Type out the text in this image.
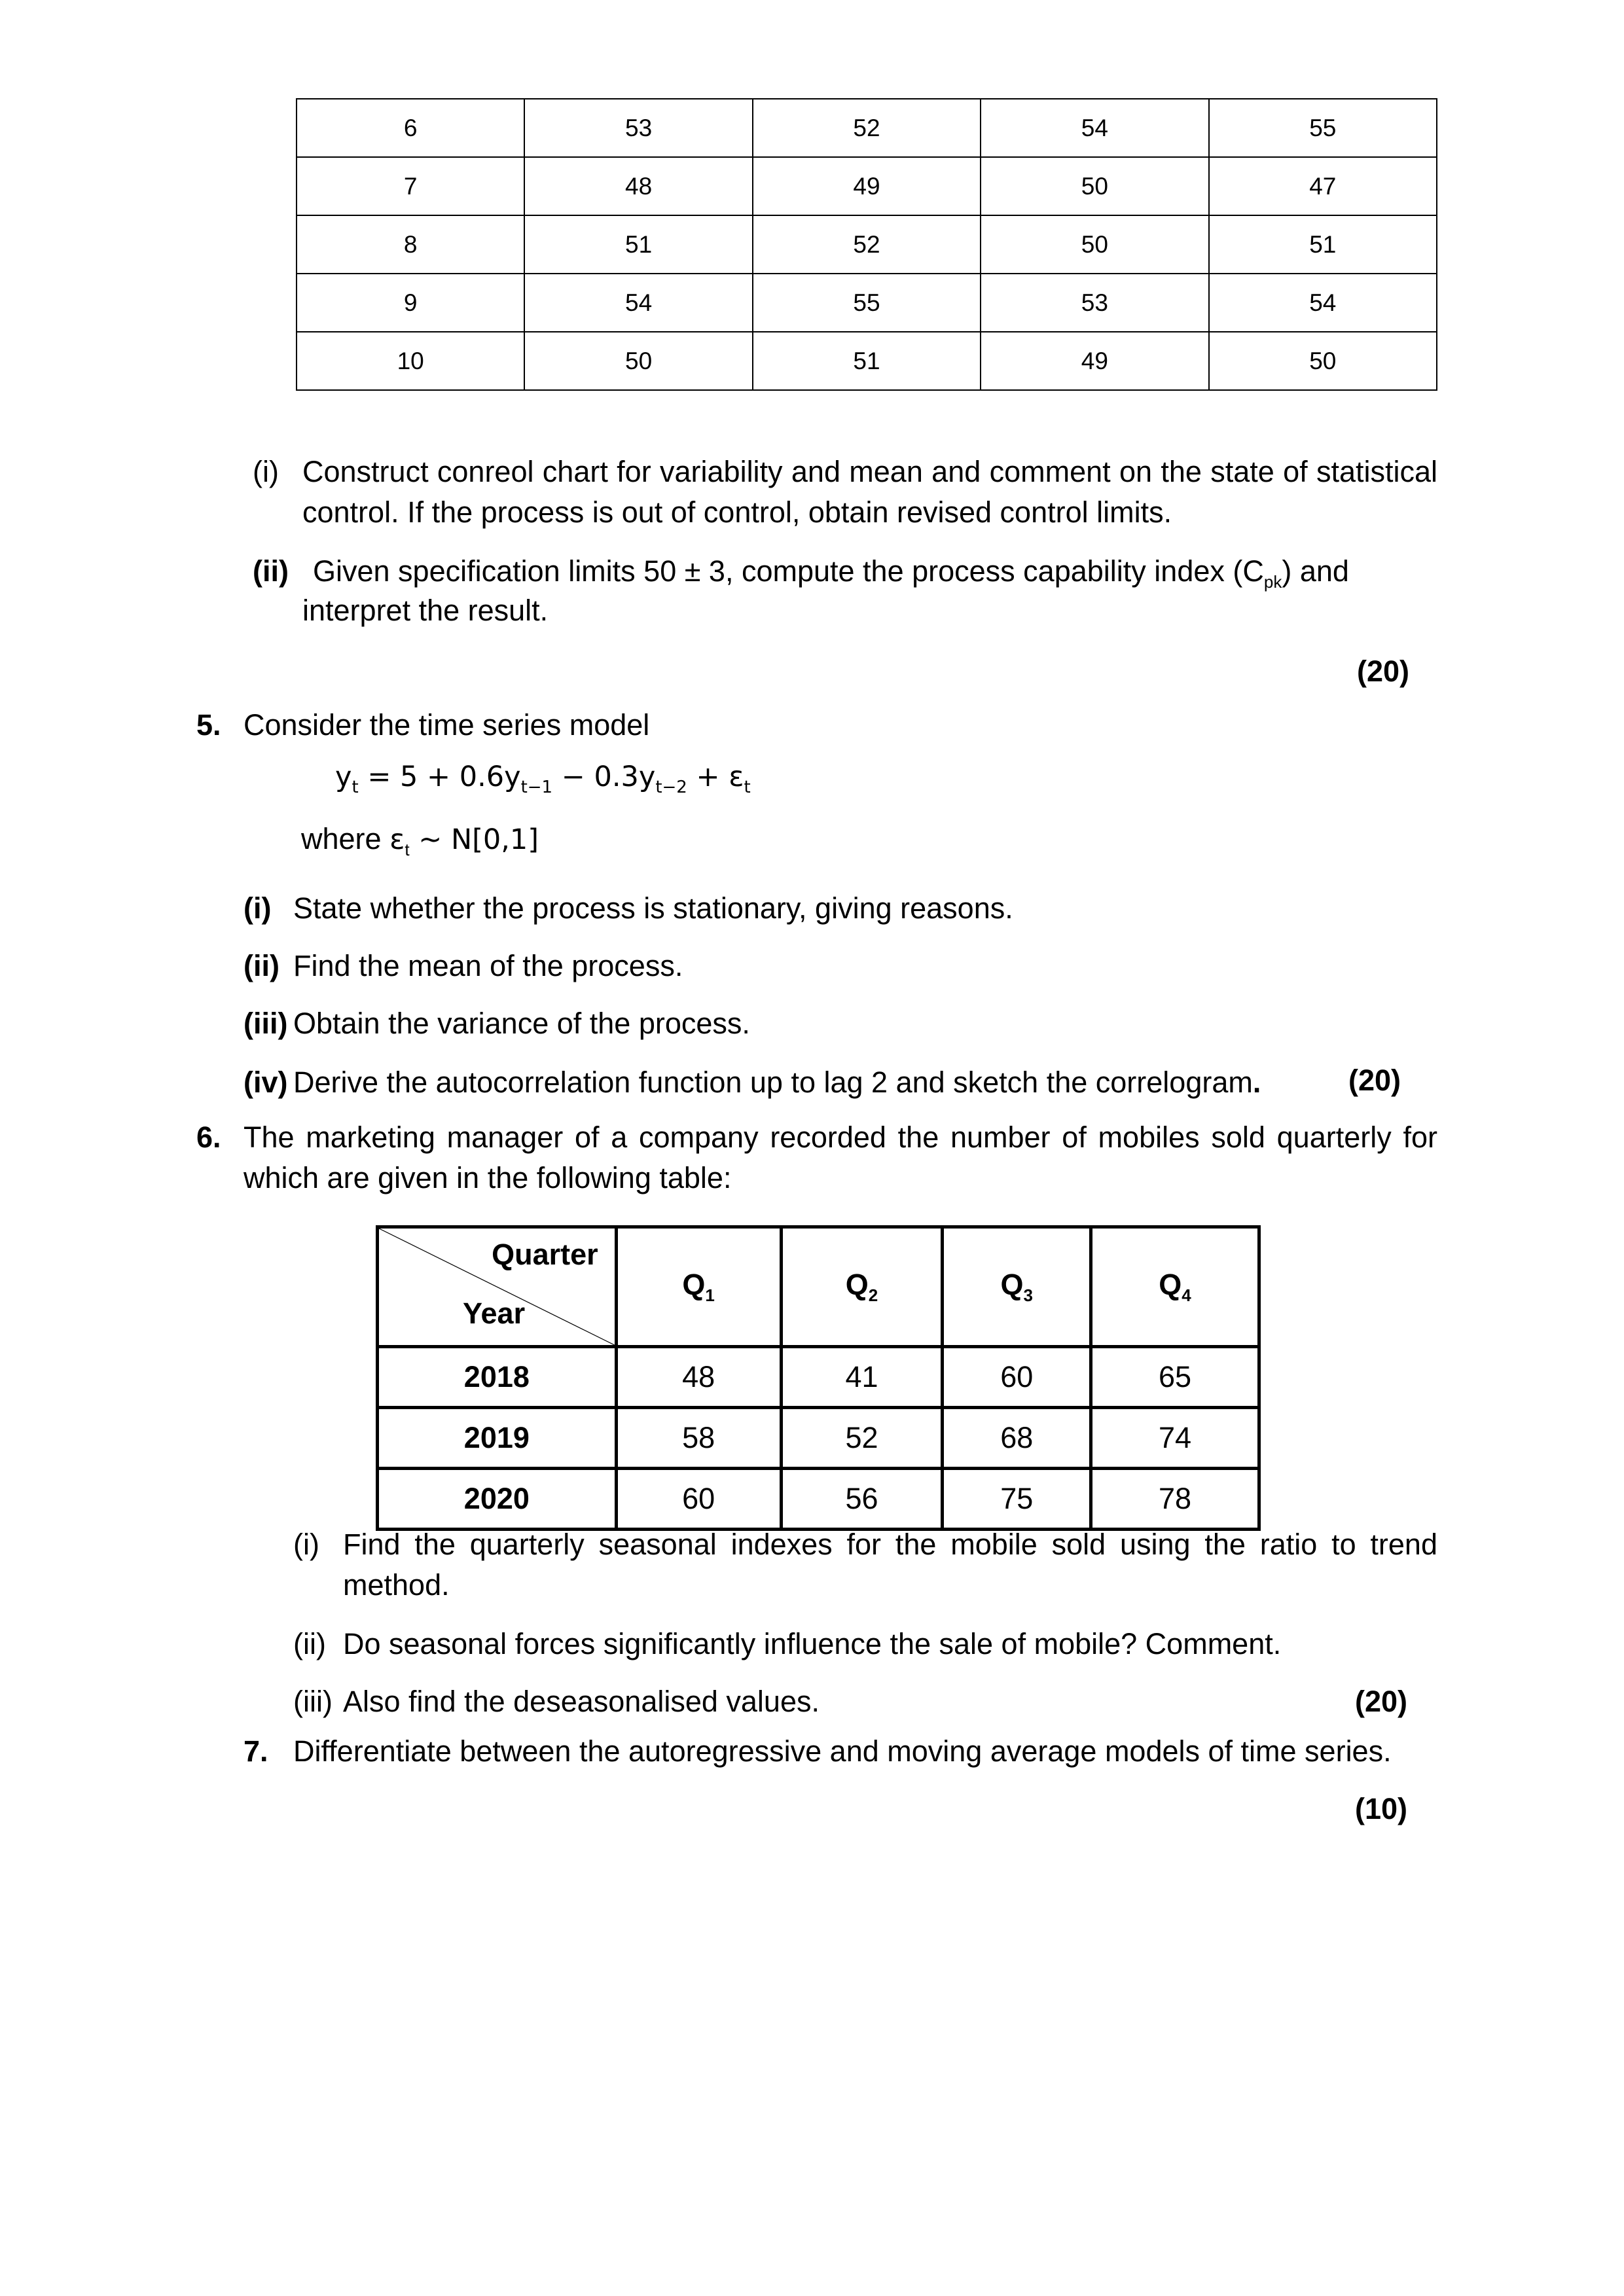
6	53	52	54	55
7	48	49	50	47
8	51	52	50	51
9	54	55	53	54
10	50	51	49	50
(i) Construct conreol chart for variability and mean and comment on the state of statistical
control. If the process is out of control, obtain revised control limits.
(ii) Given specification limits 50 ± 3, compute the process capability index $(C_{pk})$ and
interpret the result.
(20)
5. Consider the time series model
$y_t = 5 + 0.6y_{t-1} - 0.3y_{t-2} + \varepsilon_t$
where $\varepsilon_t$ ~ N[0,1]
(i) State whether the process is stationary, giving reasons.
(ii) Find the mean of the process.
(iii) Obtain the variance of the process.
(iv) Derive the autocorrelation function up to lag 2 and sketch the correlogram.	(20)
6. The marketing manager of a company recorded the number of mobiles sold quarterly for
which are given in the following table:
Quarter
Year	$Q_1$	$Q_2$	$Q_3$	$Q_4$
2018	48	41	60	65
2019	58	52	68	74
2020	60	56	75	78
(i) Find the quarterly seasonal indexes for the mobile sold using the ratio to trend
method.
(ii) Do seasonal forces significantly influence the sale of mobile? Comment.
(iii) Also find the deseasonalised values.	(20)
7. Differentiate between the autoregressive and moving average models of time series.
(10)
